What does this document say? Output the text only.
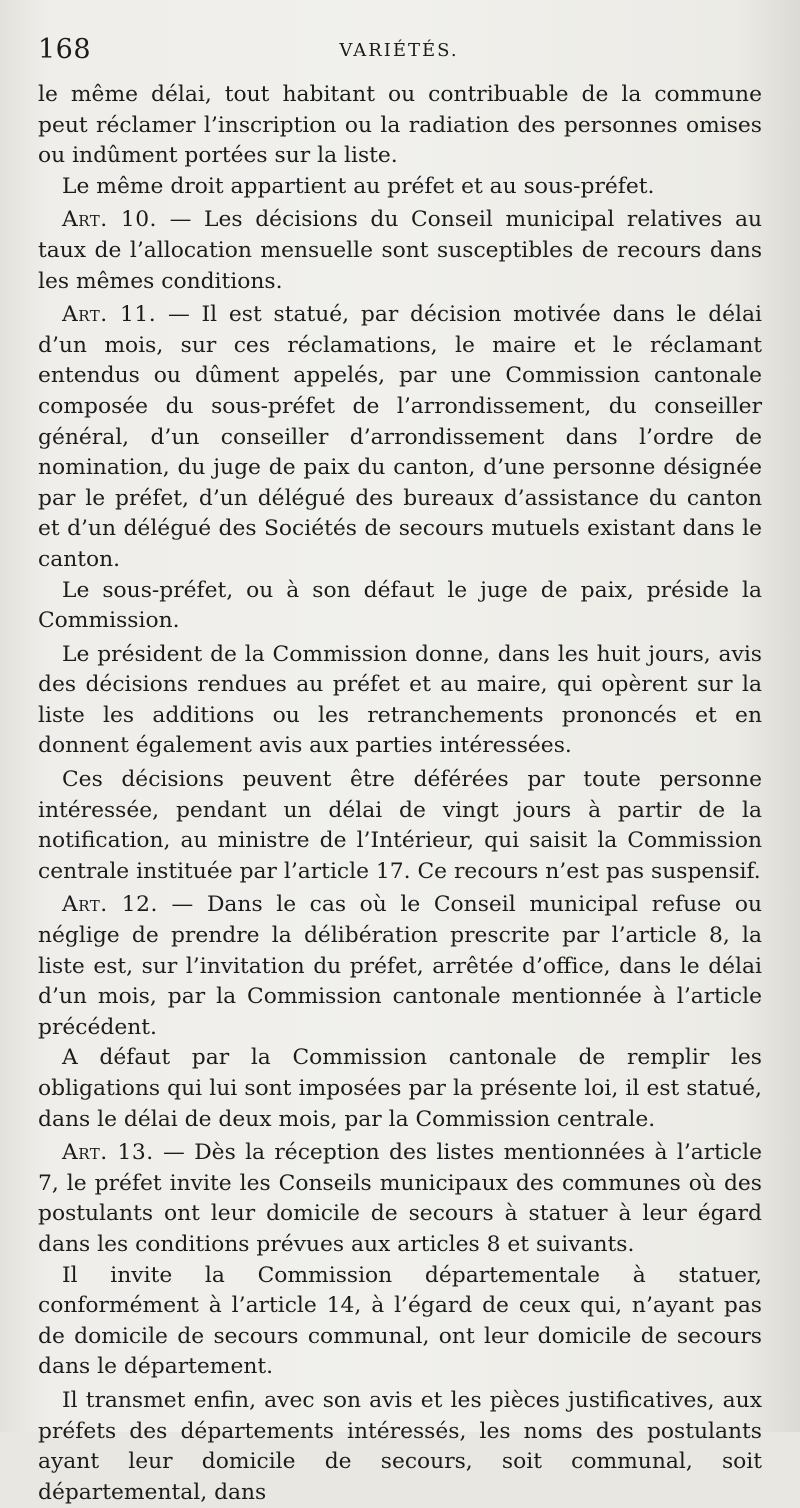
168	VARIÉTÉS.

le même délai, tout habitant ou contribuable de la commune peut réclamer l’inscription ou la radiation des personnes omises ou indûment portées sur la liste.

Le même droit appartient au préfet et au sous-préfet.

Art. 10. — Les décisions du Conseil municipal relatives au taux de l’allocation mensuelle sont susceptibles de recours dans les mêmes conditions.

Art. 11. — Il est statué, par décision motivée dans le délai d’un mois, sur ces réclamations, le maire et le réclamant entendus ou dûment appelés, par une Commission cantonale composée du sous-préfet de l’arrondissement, du conseiller général, d’un conseiller d’arrondissement dans l’ordre de nomination, du juge de paix du canton, d’une personne désignée par le préfet, d’un délégué des bureaux d’assistance du canton et d’un délégué des Sociétés de secours mutuels existant dans le canton.

Le sous-préfet, ou à son défaut le juge de paix, préside la Commission.

Le président de la Commission donne, dans les huit jours, avis des décisions rendues au préfet et au maire, qui opèrent sur la liste les additions ou les retranchements prononcés et en donnent également avis aux parties intéressées.

Ces décisions peuvent être déférées par toute personne intéressée, pendant un délai de vingt jours à partir de la notification, au ministre de l’Intérieur, qui saisit la Commission centrale instituée par l’article 17. Ce recours n’est pas suspensif.

Art. 12. — Dans le cas où le Conseil municipal refuse ou néglige de prendre la délibération prescrite par l’article 8, la liste est, sur l’invitation du préfet, arrêtée d’office, dans le délai d’un mois, par la Commission cantonale mentionnée à l’article précédent.

A défaut par la Commission cantonale de remplir les obligations qui lui sont imposées par la présente loi, il est statué, dans le délai de deux mois, par la Commission centrale.

Art. 13. — Dès la réception des listes mentionnées à l’article 7, le préfet invite les Conseils municipaux des communes où des postulants ont leur domicile de secours à statuer à leur égard dans les conditions prévues aux articles 8 et suivants.

Il invite la Commission départementale à statuer, conformément à l’article 14, à l’égard de ceux qui, n’ayant pas de domicile de secours communal, ont leur domicile de secours dans le département.

Il transmet enfin, avec son avis et les pièces justificatives, aux préfets des départements intéressés, les noms des postulants ayant leur domicile de secours, soit communal, soit départemental, dans
